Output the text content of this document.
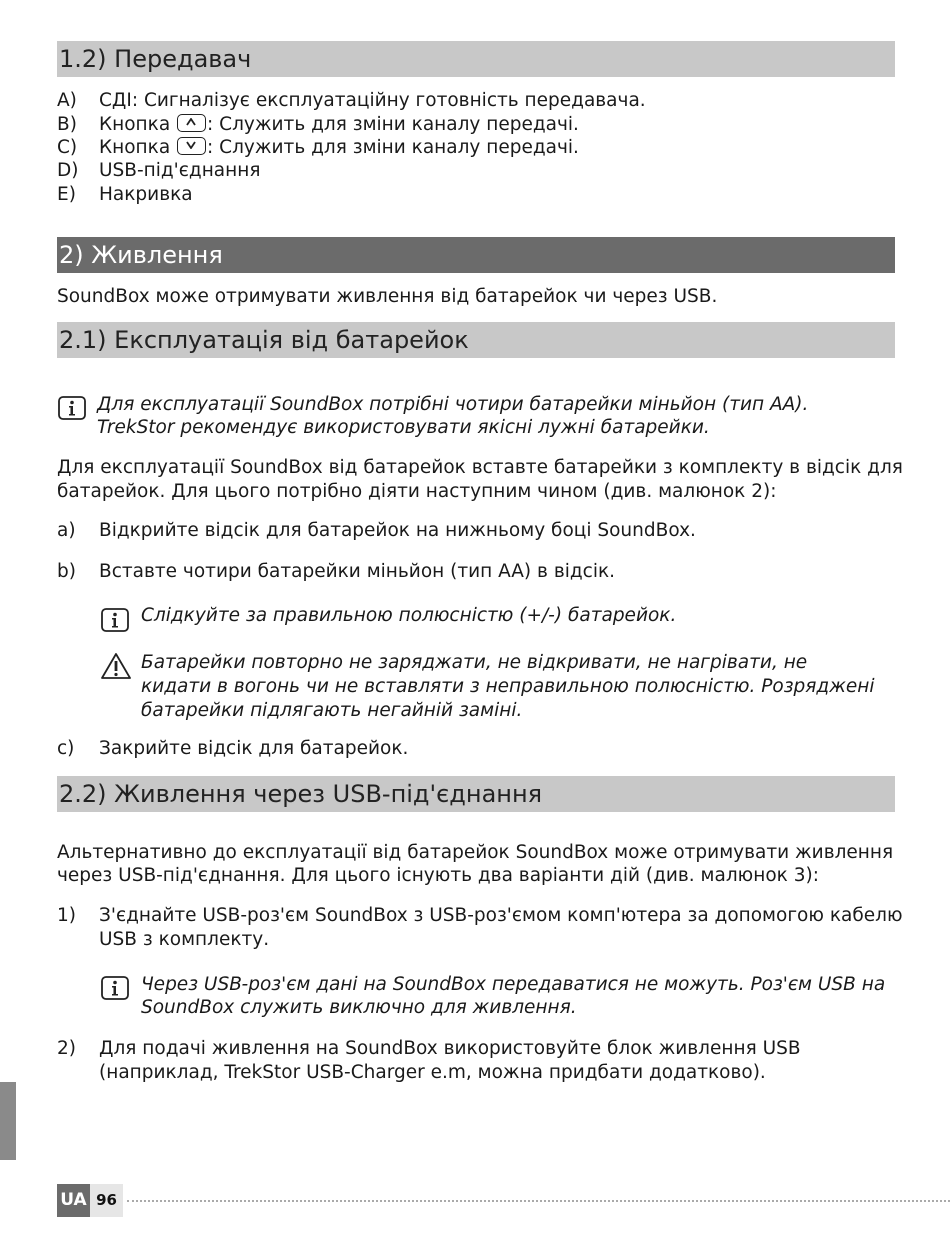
1.2) Передавач
A) СДІ: Сигналізує експлуатаційну готовність передавача.
B) Кнопка : Служить для зміни каналу передачі.
C) Кнопка : Служить для зміни каналу передачі.
D) USB-під'єднання
E) Накривка
2) Живлення
SoundBox може отримувати живлення від батарейок чи через USB.
2.1) Експлуатація від батарейок
Для експлуатації SoundBox потрібні чотири батарейки міньйон (тип AA).
TrekStor рекомендує використовувати якісні лужні батарейки.
Для експлуатації SoundBox від батарейок вставте батарейки з комплекту в відсік для
батарейок. Для цього потрібно діяти наступним чином (див. малюнок 2):
a) Відкрийте відсік для батарейок на нижньому боці SoundBox.
b) Вставте чотири батарейки міньйон (тип AA) в відсік.
Слідкуйте за правильною полюсністю (+/-) батарейок.
Батарейки повторно не заряджати, не відкривати, не нагрівати, не
кидати в вогонь чи не вставляти з неправильною полюсністю. Розряджені
батарейки підлягають негайній заміні.
c) Закрийте відсік для батарейок.
2.2) Живлення через USB-під'єднання
Альтернативно до експлуатації від батарейок SoundBox може отримувати живлення
через USB-під'єднання. Для цього існують два варіанти дій (див. малюнок 3):
1) З'єднайте USB-роз'єм SoundBox з USB-роз'ємом комп'ютера за допомогою кабелю
USB з комплекту.
Через USB-роз'єм дані на SoundBox передаватися не можуть. Роз'єм USB на
SoundBox служить виключно для живлення.
2) Для подачі живлення на SoundBox використовуйте блок живлення USB
(наприклад, TrekStor USB-Charger e.m, можна придбати додатково).
UA 96
